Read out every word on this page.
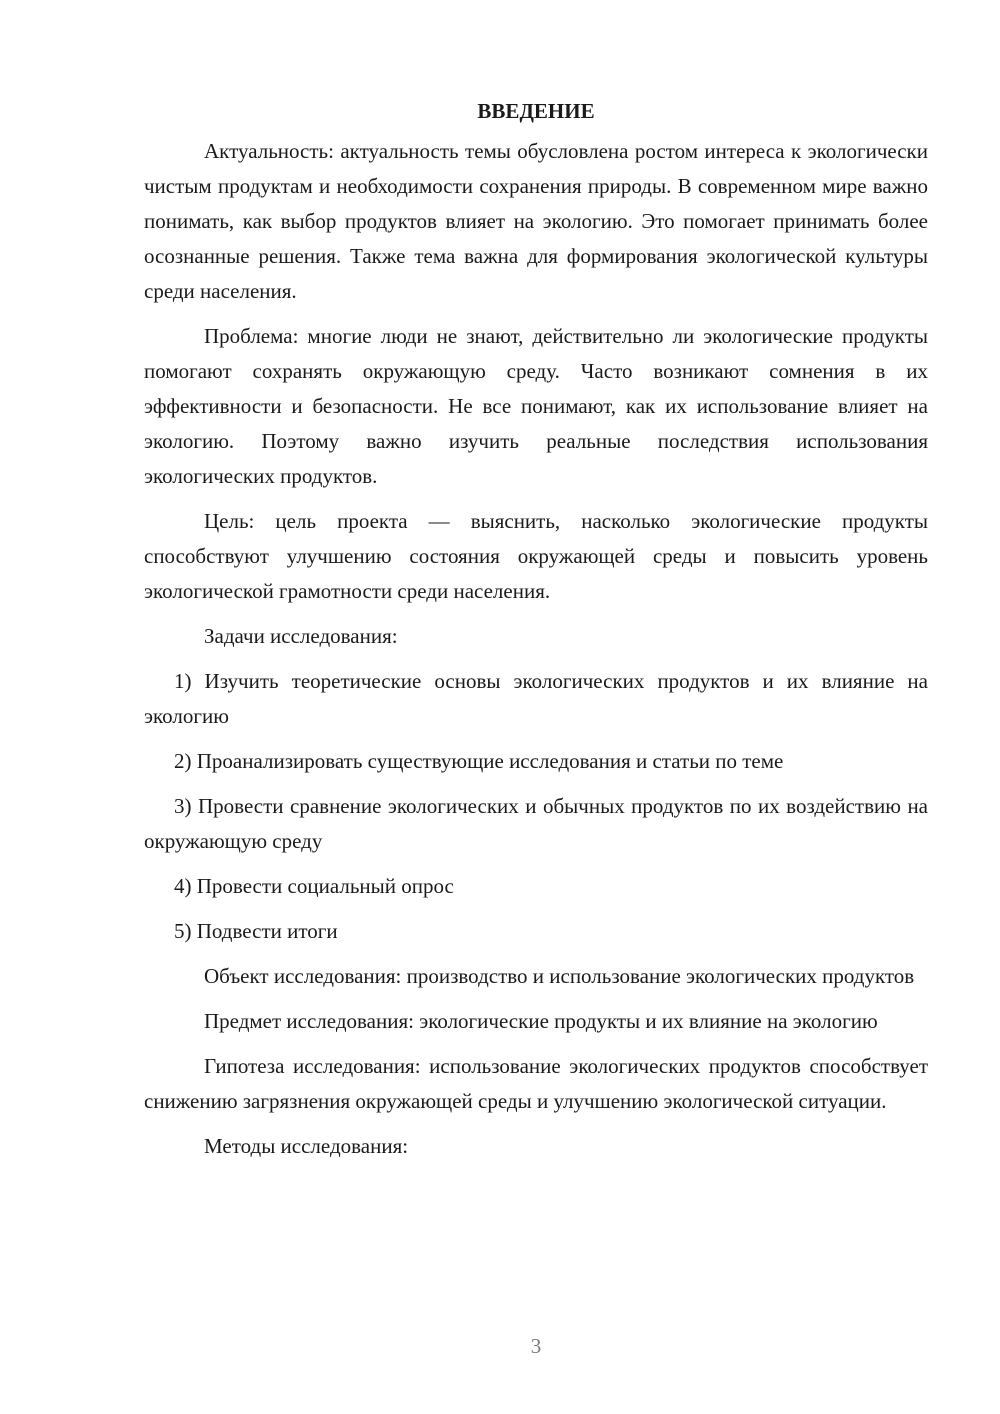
ВВЕДЕНИЕ

Актуальность: актуальность темы обусловлена ростом интереса к экологически чистым продуктам и необходимости сохранения природы. В современном мире важно понимать, как выбор продуктов влияет на экологию. Это помогает принимать более осознанные решения. Также тема важна для формирования экологической культуры среди населения.

Проблема: многие люди не знают, действительно ли экологические продукты помогают сохранять окружающую среду. Часто возникают сомнения в их эффективности и безопасности. Не все понимают, как их использование влияет на экологию. Поэтому важно изучить реальные последствия использования экологических продуктов.

Цель: цель проекта — выяснить, насколько экологические продукты способствуют улучшению состояния окружающей среды и повысить уровень экологической грамотности среди населения.

Задачи исследования:

1) Изучить теоретические основы экологических продуктов и их влияние на экологию

2) Проанализировать существующие исследования и статьи по теме

3) Провести сравнение экологических и обычных продуктов по их воздействию на окружающую среду

4) Провести социальный опрос

5) Подвести итоги

Объект исследования: производство и использование экологических продуктов

Предмет исследования: экологические продукты и их влияние на экологию

Гипотеза исследования: использование экологических продуктов способствует снижению загрязнения окружающей среды и улучшению экологической ситуации.

Методы исследования:

3
